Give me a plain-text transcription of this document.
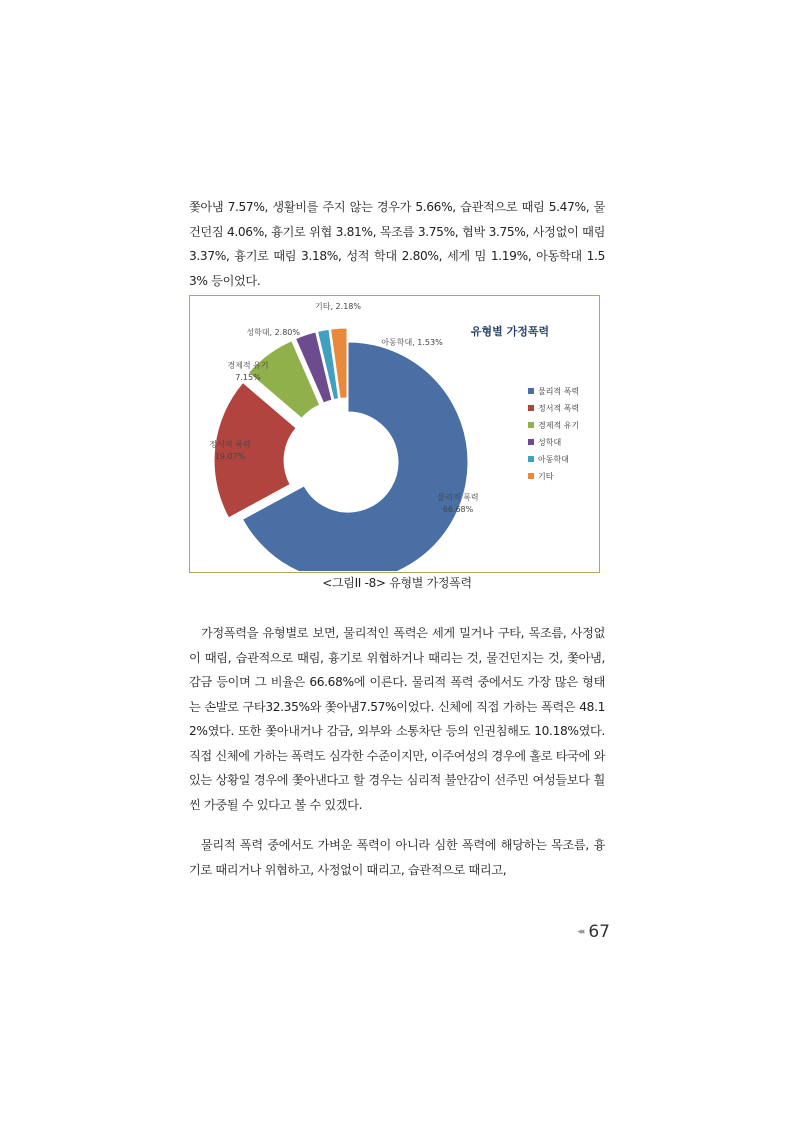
쫓아냄 7.57%, 생활비를 주지 않는 경우가 5.66%, 습관적으로 때림 5.47%, 물건던짐 4.06%, 흉기로 위협 3.81%, 목조름 3.75%, 협박 3.75%, 사정없이 때림 3.37%, 흉기로 때림 3.18%, 성적 학대 2.80%, 세게 밈 1.19%, 아동학대 1.53% 등이었다.

물리적 폭력
66.68%
정서적 폭력
19.07%
경제적 유기
7.15%
성학대, 2.80%
아동학대, 1.53%
기타, 2.18%
유형별 가정폭력
물리적 폭력
정서적 폭력
경제적 유기
성학대
아동학대
기타
<그림II -8> 유형별 가정폭력

가정폭력을 유형별로 보면, 물리적인 폭력은 세게 밀거나 구타, 목조름, 사정없이 때림, 습관적으로 때림, 흉기로 위협하거나 때리는 것, 물건던지는 것, 쫓아냄, 감금 등이며 그 비율은 66.68%에 이른다. 물리적 폭력 중에서도 가장 많은 형태는 손발로 구타32.35%와 쫓아냄7.57%이었다. 신체에 직접 가하는 폭력은 48.12%였다. 또한 쫓아내거나 감금, 외부와 소통차단 등의 인권침해도 10.18%였다. 직접 신체에 가하는 폭력도 심각한 수준이지만, 이주여성의 경우에 홀로 타국에 와 있는 상황일 경우에 쫓아낸다고 할 경우는 심리적 불안감이 선주민 여성들보다 훨씬 가중될 수 있다고 볼 수 있겠다.

물리적 폭력 중에서도 가벼운 폭력이 아니라 심한 폭력에 해당하는 목조름, 흉기로 때리거나 위협하고, 사정없이 때리고, 습관적으로 때리고,

◂◂ 67
